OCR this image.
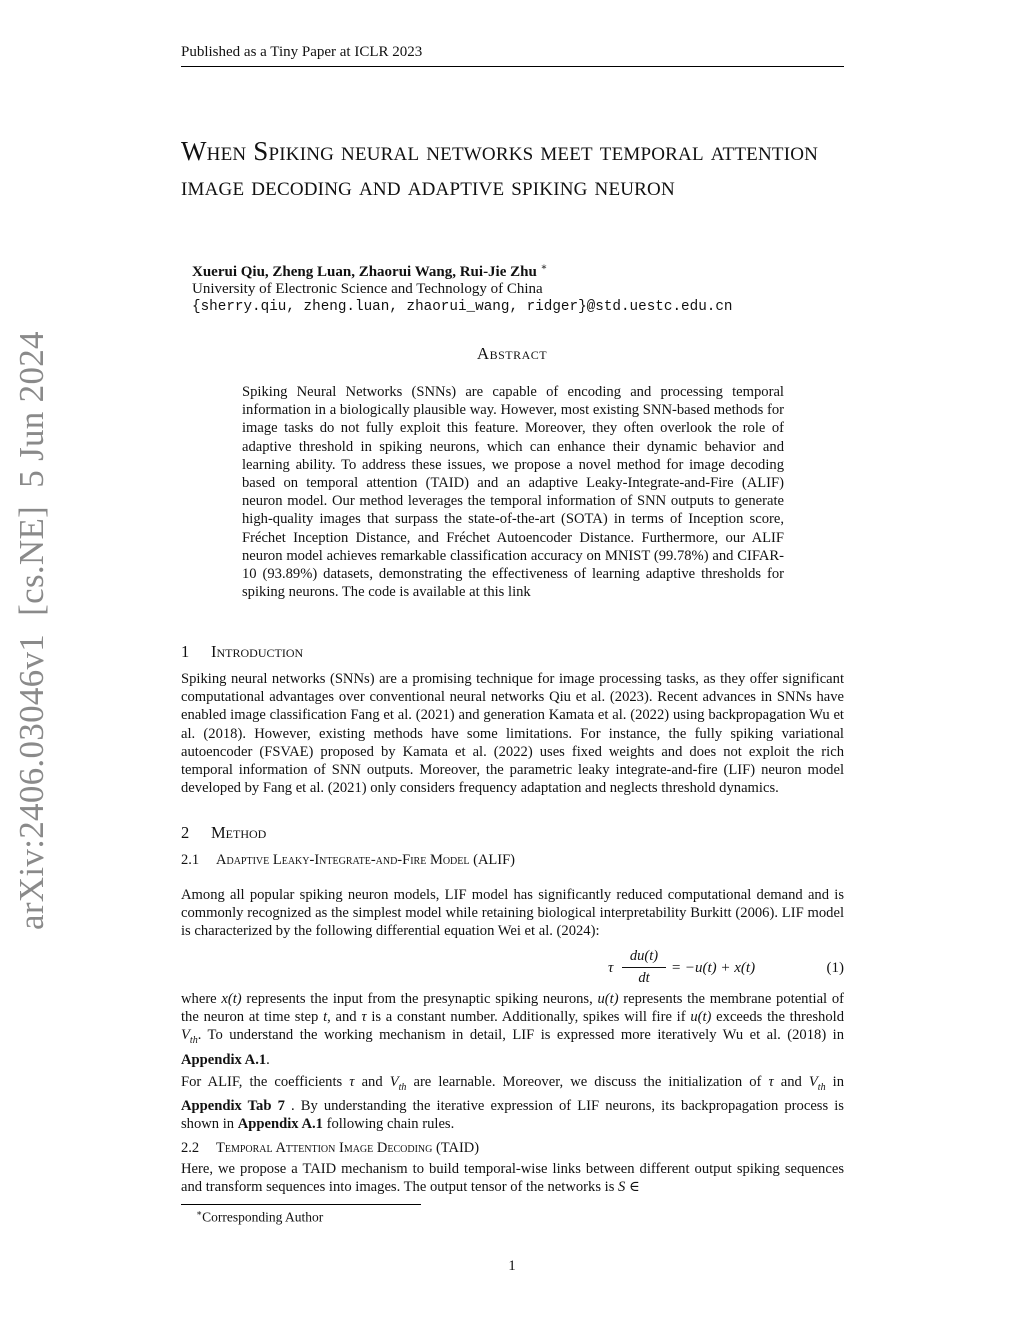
Published as a Tiny Paper at ICLR 2023
arXiv:2406.03046v1  [cs.NE]  5 Jun 2024
When Spiking neural networks meet temporal attention image decoding and adaptive spiking neuron
Xuerui Qiu, Zheng Luan, Zhaorui Wang, Rui-Jie Zhu ∗
University of Electronic Science and Technology of China
{sherry.qiu, zheng.luan, zhaorui_wang, ridger}@std.uestc.edu.cn
Abstract
Spiking Neural Networks (SNNs) are capable of encoding and processing temporal information in a biologically plausible way. However, most existing SNN-based methods for image tasks do not fully exploit this feature. Moreover, they often overlook the role of adaptive threshold in spiking neurons, which can enhance their dynamic behavior and learning ability. To address these issues, we propose a novel method for image decoding based on temporal attention (TAID) and an adaptive Leaky-Integrate-and-Fire (ALIF) neuron model. Our method leverages the temporal information of SNN outputs to generate high-quality images that surpass the state-of-the-art (SOTA) in terms of Inception score, Fréchet Inception Distance, and Fréchet Autoencoder Distance. Furthermore, our ALIF neuron model achieves remarkable classification accuracy on MNIST (99.78%) and CIFAR-10 (93.89%) datasets, demonstrating the effectiveness of learning adaptive thresholds for spiking neurons. The code is available at this link
1 Introduction
Spiking neural networks (SNNs) are a promising technique for image processing tasks, as they offer significant computational advantages over conventional neural networks Qiu et al. (2023). Recent advances in SNNs have enabled image classification Fang et al. (2021) and generation Kamata et al. (2022) using backpropagation Wu et al. (2018). However, existing methods have some limitations. For instance, the fully spiking variational autoencoder (FSVAE) proposed by Kamata et al. (2022) uses fixed weights and does not exploit the rich temporal information of SNN outputs. Moreover, the parametric leaky integrate-and-fire (LIF) neuron model developed by Fang et al. (2021) only considers frequency adaptation and neglects threshold dynamics.
2 Method
2.1 Adaptive Leaky-Integrate-and-Fire Model (ALIF)
Among all popular spiking neuron models, LIF model has significantly reduced computational demand and is commonly recognized as the simplest model while retaining biological interpretability Burkitt (2006). LIF model is characterized by the following differential equation Wei et al. (2024):
τ
du(t)
dt
= −u(t) + x(t)	(1)
where x(t) represents the input from the presynaptic spiking neurons, u(t) represents the membrane potential of the neuron at time step t, and τ is a constant number. Additionally, spikes will fire if u(t) exceeds the threshold $V_{th}$. To understand the working mechanism in detail, LIF is expressed more iteratively Wu et al. (2018) in Appendix A.1.
For ALIF, the coefficients τ and $V_{th}$ are learnable. Moreover, we discuss the initialization of τ and $V_{th}$ in Appendix Tab 7 . By understanding the iterative expression of LIF neurons, its backpropagation process is shown in Appendix A.1 following chain rules.
2.2 Temporal Attention Image Decoding (TAID)
Here, we propose a TAID mechanism to build temporal-wise links between different output spiking sequences and transform sequences into images. The output tensor of the networks is S ∈
∗Corresponding Author
1
